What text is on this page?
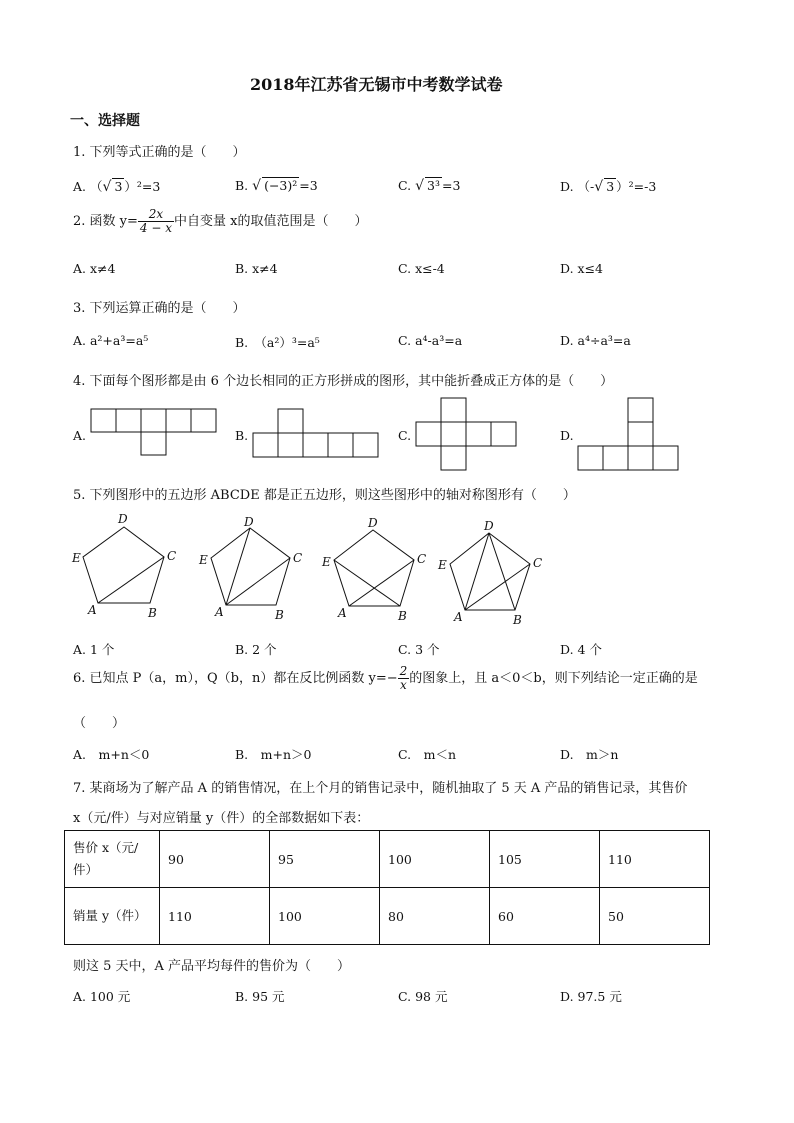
2018年江苏省无锡市中考数学试卷
一、选择题
1. 下列等式正确的是（　　）
A. （√ 3 ）²=3	B. √ (−3)² =3	C. √ 3³ =3	D. （-√ 3 ）²=-3
2. 函数 $y= \frac{2x}{4 - x}$ 中自变量 x的取值范围是（　　）
A. x≠4	B. x≠4	C. x≤-4	D. x≤4
3. 下列运算正确的是（　　）
A. a²+a³=a⁵	B.　（a²）³=a⁵	C. a⁴-a³=a	D. a⁴÷a³=a
4. 下面每个图形都是由 6 个边长相同的正方形拼成的图形，其中能折叠成正方体的是（　　）
A.	B.	C.	D.
D
C
E
A	B
D
C
E
A	B
D
C
E
A	B
D
C
E
A	B
5. 下列图形中的五边形 ABCDE 都是正五边形，则这些图形中的轴对称图形有（　　）
A. 1 个	B. 2 个	C. 3 个	D. 4 个
6. 已知点 P（a，m），Q（b，n）都在反比例函数 $y=- \frac{2}{x}$ 的图象上，且 a＜0＜b，则下列结论一定正确的是
（　　）
A.　m+n＜0	B.　m+n＞0	C.　m＜n	D.　m＞n
7. 某商场为了解产品 A 的销售情况，在上个月的销售记录中，随机抽取了 5 天 A 产品的销售记录，其售价
x（元/件）与对应销量 y（件）的全部数据如下表：
售价 x（元/
件）	90	95	100	105	110
销量 y（件）	110	100	80	60	50
则这 5 天中，A 产品平均每件的售价为（　　）
A. 100 元	B. 95 元	C. 98 元	D. 97.5 元
